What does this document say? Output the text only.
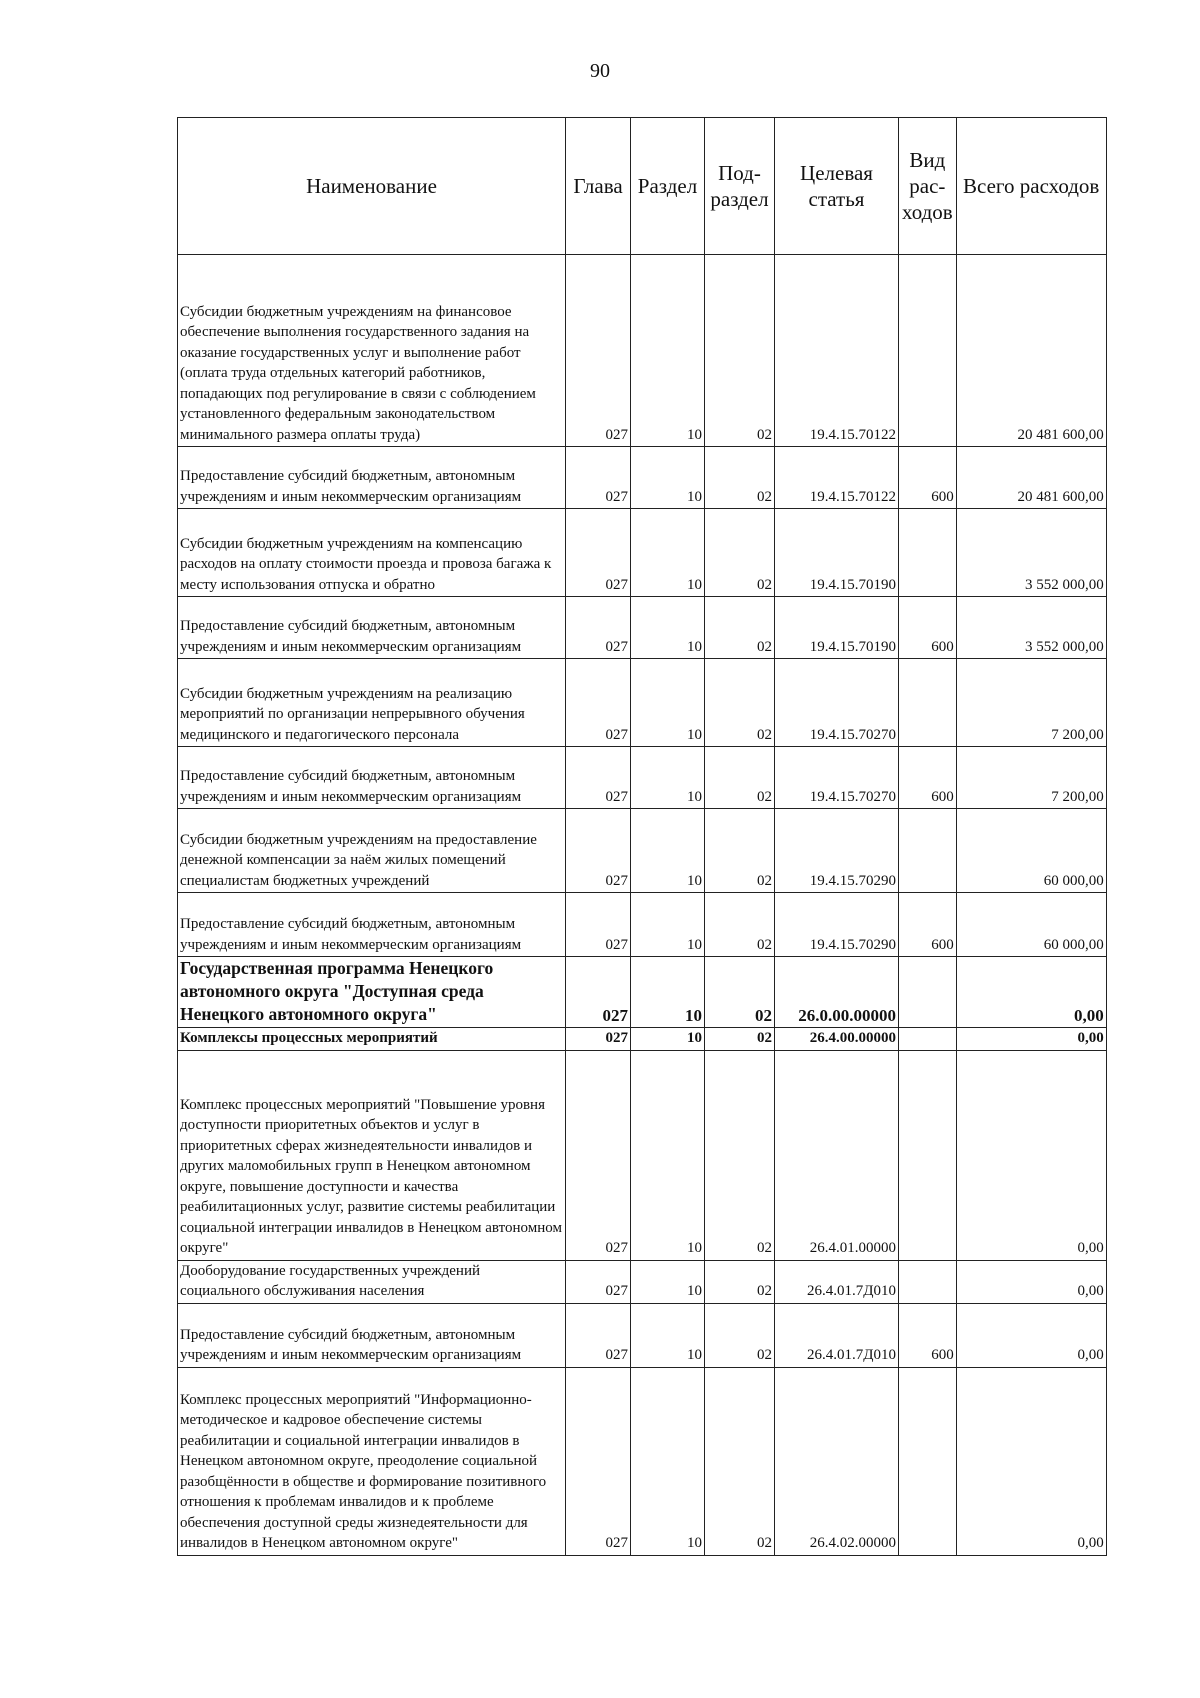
90
Наименование	Глава	Раздел	Под-раздел	Целевая статья	Вид рас-ходов	Всего расходов
Субсидии бюджетным учреждениям на финансовое обеспечение выполнения государственного задания на оказание государственных услуг и выполнение работ (оплата труда отдельных категорий работников, попадающих под регулирование в связи с соблюдением установленного федеральным законодательством минимального размера оплаты труда)	027	10	02	19.4.15.70122		20 481 600,00
Предоставление субсидий бюджетным, автономным учреждениям и иным некоммерческим организациям	027	10	02	19.4.15.70122	600	20 481 600,00
Субсидии бюджетным учреждениям на компенсацию расходов на оплату стоимости проезда и провоза багажа к месту использования отпуска и обратно	027	10	02	19.4.15.70190		3 552 000,00
Предоставление субсидий бюджетным, автономным учреждениям и иным некоммерческим организациям	027	10	02	19.4.15.70190	600	3 552 000,00
Субсидии бюджетным учреждениям на реализацию мероприятий по организации непрерывного обучения медицинского и педагогического персонала	027	10	02	19.4.15.70270		7 200,00
Предоставление субсидий бюджетным, автономным учреждениям и иным некоммерческим организациям	027	10	02	19.4.15.70270	600	7 200,00
Субсидии бюджетным учреждениям на предоставление денежной компенсации за наём жилых помещений специалистам бюджетных учреждений	027	10	02	19.4.15.70290		60 000,00
Предоставление субсидий бюджетным, автономным учреждениям и иным некоммерческим организациям	027	10	02	19.4.15.70290	600	60 000,00
Государственная программа Ненецкого автономного округа "Доступная среда Ненецкого автономного округа"	027	10	02	26.0.00.00000		0,00
Комплексы процессных мероприятий	027	10	02	26.4.00.00000		0,00
Комплекс процессных мероприятий "Повышение уровня доступности приоритетных объектов и услуг в приоритетных сферах жизнедеятельности инвалидов и других маломобильных групп в Ненецком автономном округе, повышение доступности и качества реабилитационных услуг, развитие системы реабилитации социальной интеграции инвалидов в Ненецком автономном округе"	027	10	02	26.4.01.00000		0,00
Дооборудование государственных учреждений социального обслуживания населения	027	10	02	26.4.01.7Д010		0,00
Предоставление субсидий бюджетным, автономным учреждениям и иным некоммерческим организациям	027	10	02	26.4.01.7Д010	600	0,00
Комплекс процессных мероприятий "Информационно-методическое и кадровое обеспечение системы реабилитации и социальной интеграции инвалидов в Ненецком автономном округе, преодоление социальной разобщённости в обществе и формирование позитивного отношения к проблемам инвалидов и к проблеме обеспечения доступной среды жизнедеятельности для инвалидов в Ненецком автономном округе"	027	10	02	26.4.02.00000		0,00
